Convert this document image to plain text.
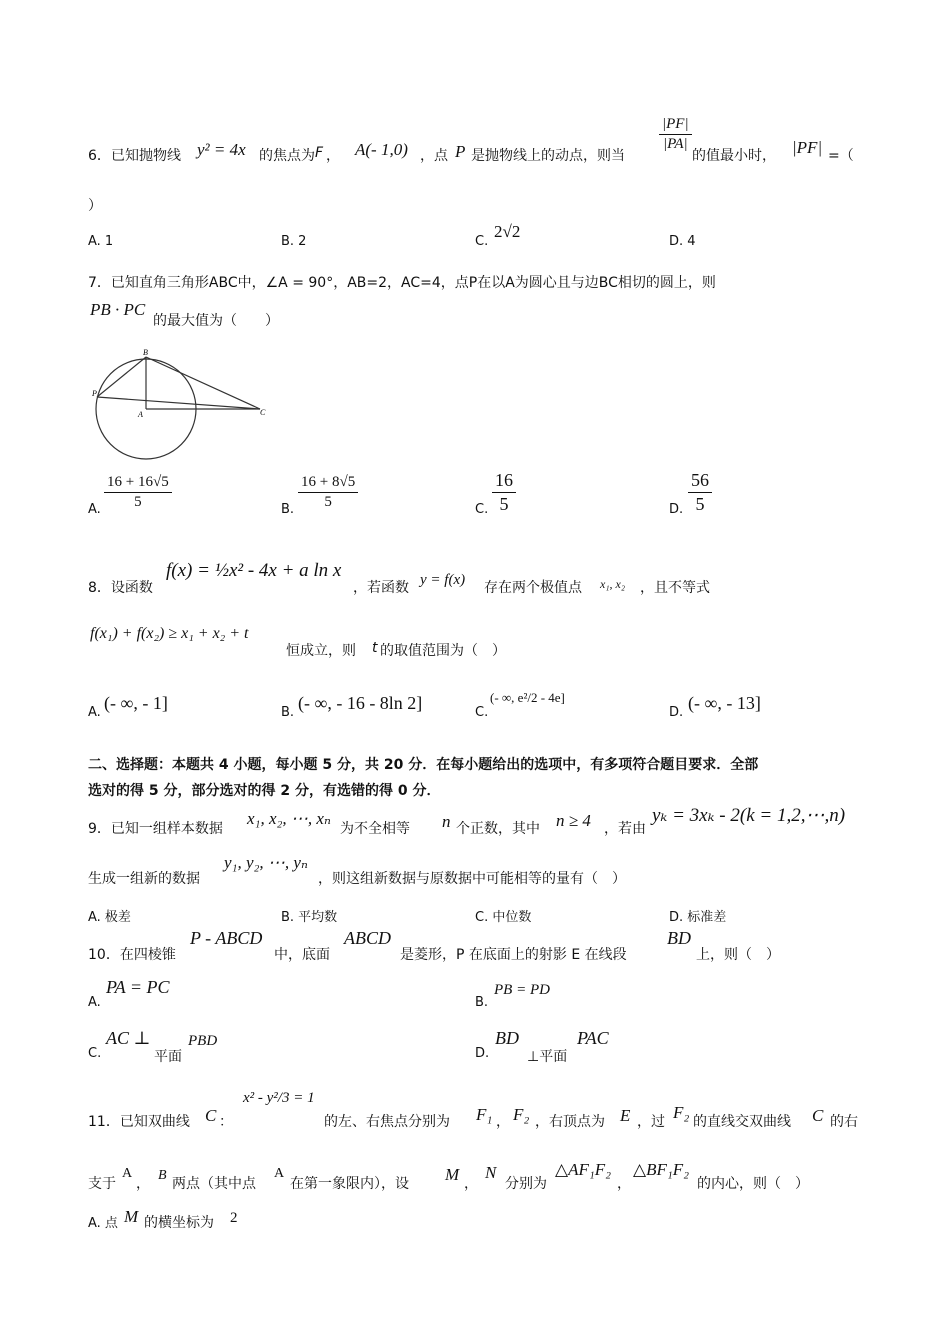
6． 已知抛物线 y² = 4x 的焦点为 F ， A(- 1,0) ，点 P 是抛物线上的动点，则当
$\frac{|PF|}{|PA|}$
的值最小时， |PF| =（
）
A. 1	B. 2	C.
2√2
D. 4
7．已知直角三角形ABC中，∠A = 90°，AB=2，AC=4，点P在以A为圆心且与边BC相切的圆上，则
PB · PC
的最大值为（　　）
B
P
A	C
A. $\frac{16 + 16√5}{5}$	B. $\frac{16 + 8√5}{5}$	C. $\frac{16}{5}$	D. $\frac{56}{5}$
8．设函数
f(x) = ½x² - 4x + a ln x
，若函数 y = f(x) 存在两个极值点 x₁, x₂ ，且不等式
f(x₁) + f(x₂) ≥ x₁ + x₂ + t
恒成立，则 t 的取值范围为（　）
A. (- ∞, - 1]	B. (- ∞, - 16 - 8ln 2]	C.
(- ∞, e²/2 - 4e]
D. (- ∞, - 13]
二、选择题：本题共 4 小题，每小题 5 分，共 20 分．在每小题给出的选项中，有多项符合题目要求．全部
选对的得 5 分，部分选对的得 2 分，有选错的得 0 分．
9．已知一组样本数据
x₁, x₂, ⋯, xₙ
为不全相等 n 个正数，其中 n ≥ 4 ，若由
yₖ = 3xₖ - 2(k = 1,2,⋯,n)
生成一组新的数据
y₁, y₂, ⋯, yₙ
，则这组新数据与原数据中可能相等的量有（　）
A. 极差	B. 平均数	C. 中位数	D. 标准差
10．在四棱锥
P - ABCD
中，底面
ABCD
是菱形，P 在底面上的射影 E 在线段
BD
上，则（　）
A.
PA = PC
B.
PB = PD
C.
AC ⊥
平面
PBD
D.
BD
⊥平面
PAC
11．已知双曲线 C ：
x² - y²/3 = 1
的左、右焦点分别为 F₁ ， F₂ ，右顶点为 E ，过 F₂ 的直线交双曲线 C 的右
支于
A
，
B
两点（其中点
A
在第一象限内），设 M ，
N
分别为
△AF₁F₂
，
△BF₁F₂
的内心，则（　）
A. 点 M 的横坐标为 2
